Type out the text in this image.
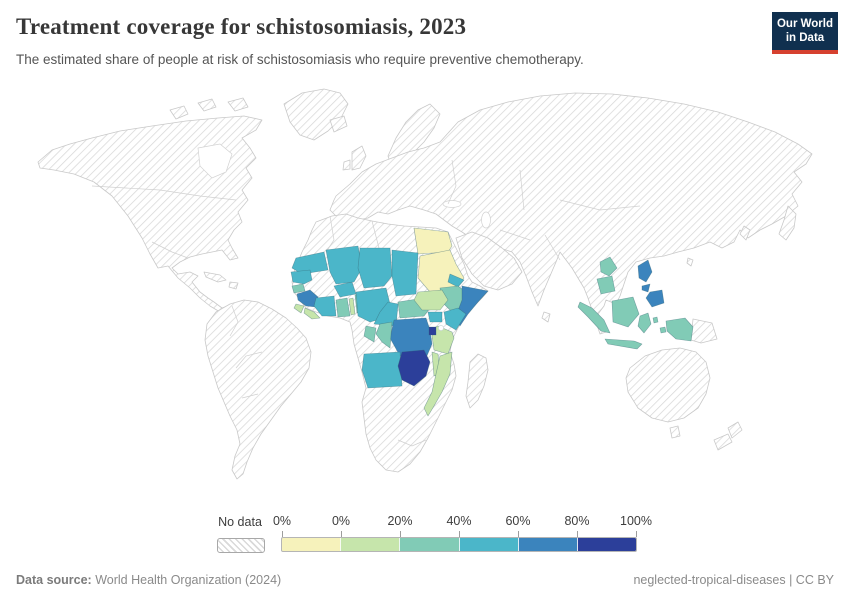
Treatment coverage for schistosomiasis, 2023
The estimated share of people at risk of schistosomiasis who require preventive chemotherapy.
Our World
in Data
No data 0%	0%	20%	40%	60%	80% 100%
Data source: World Health Organization (2024)	neglected-tropical-diseases | CC BY
